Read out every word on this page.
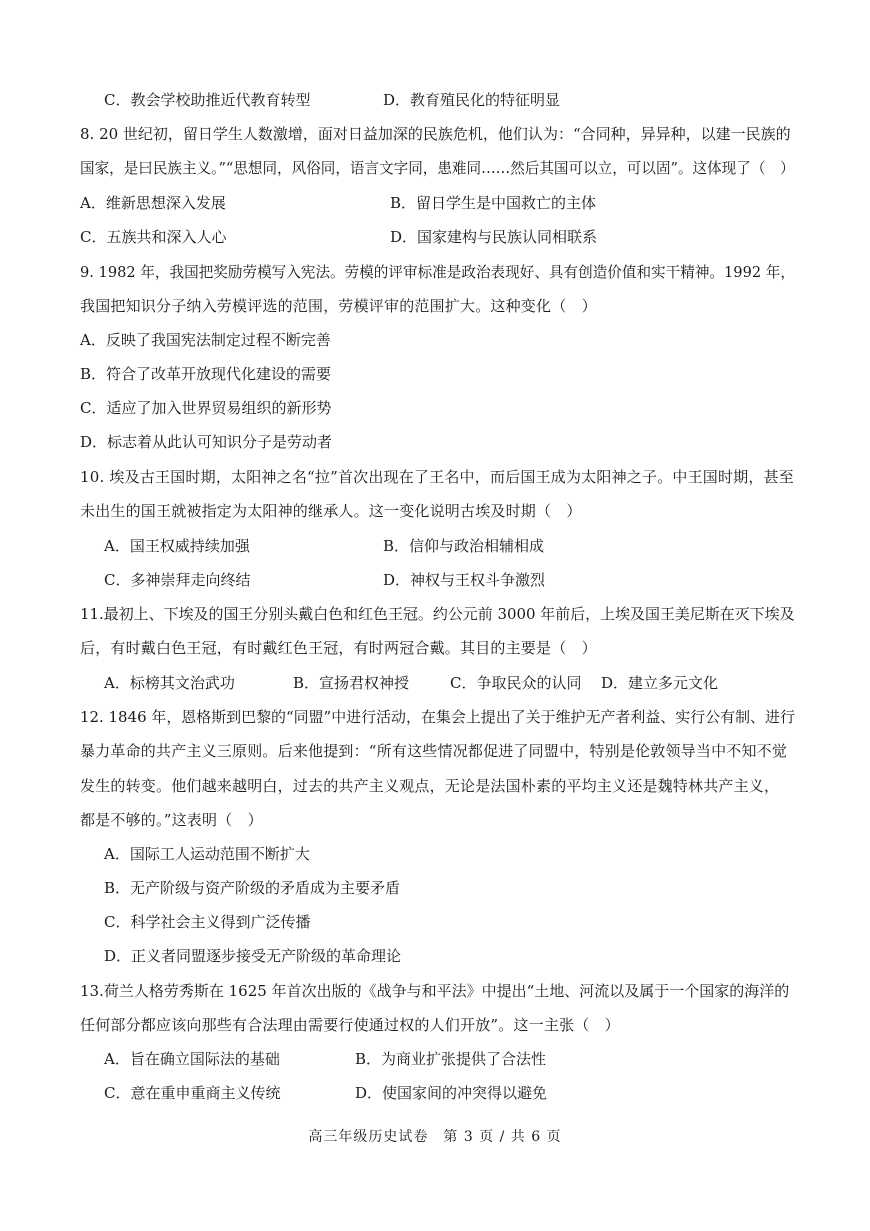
C．教会学校助推近代教育转型	D．教育殖民化的特征明显
8. 20 世纪初，留日学生人数激增，面对日益加深的民族危机，他们认为：“合同种，异异种，以建一民族的
国家，是曰民族主义。”“思想同，风俗同，语言文字同，患难同……然后其国可以立，可以固”。这体现了（　）
A．维新思想深入发展	B．留日学生是中国救亡的主体
C．五族共和深入人心	D．国家建构与民族认同相联系
9. 1982 年，我国把奖励劳模写入宪法。劳模的评审标准是政治表现好、具有创造价值和实干精神。1992 年，
我国把知识分子纳入劳模评选的范围，劳模评审的范围扩大。这种变化（　）
A．反映了我国宪法制定过程不断完善
B．符合了改革开放现代化建设的需要
C．适应了加入世界贸易组织的新形势
D．标志着从此认可知识分子是劳动者
10. 埃及古王国时期，太阳神之名“拉”首次出现在了王名中，而后国王成为太阳神之子。中王国时期，甚至
未出生的国王就被指定为太阳神的继承人。这一变化说明古埃及时期（　）
A．国王权威持续加强	B．信仰与政治相辅相成
C．多神崇拜走向终结	D．神权与王权斗争激烈
11.最初上、下埃及的国王分别头戴白色和红色王冠。约公元前 3000 年前后，上埃及国王美尼斯在灭下埃及
后，有时戴白色王冠，有时戴红色王冠，有时两冠合戴。其目的主要是（　）
A．标榜其文治武功	B．宣扬君权神授	C．争取民众的认同 D．建立多元文化
12. 1846 年，恩格斯到巴黎的“同盟”中进行活动，在集会上提出了关于维护无产者利益、实行公有制、进行
暴力革命的共产主义三原则。后来他提到：“所有这些情况都促进了同盟中，特别是伦敦领导当中不知不觉
发生的转变。他们越来越明白，过去的共产主义观点，无论是法国朴素的平均主义还是魏特林共产主义，
都是不够的。”这表明（　）
A．国际工人运动范围不断扩大
B．无产阶级与资产阶级的矛盾成为主要矛盾
C．科学社会主义得到广泛传播
D．正义者同盟逐步接受无产阶级的革命理论
13.荷兰人格劳秀斯在 1625 年首次出版的《战争与和平法》中提出“土地、河流以及属于一个国家的海洋的
任何部分都应该向那些有合法理由需要行使通过权的人们开放”。这一主张（　）
A．旨在确立国际法的基础	B．为商业扩张提供了合法性
C．意在重申重商主义传统	D．使国家间的冲突得以避免
高三年级历史试卷　第 3 页 / 共 6 页
